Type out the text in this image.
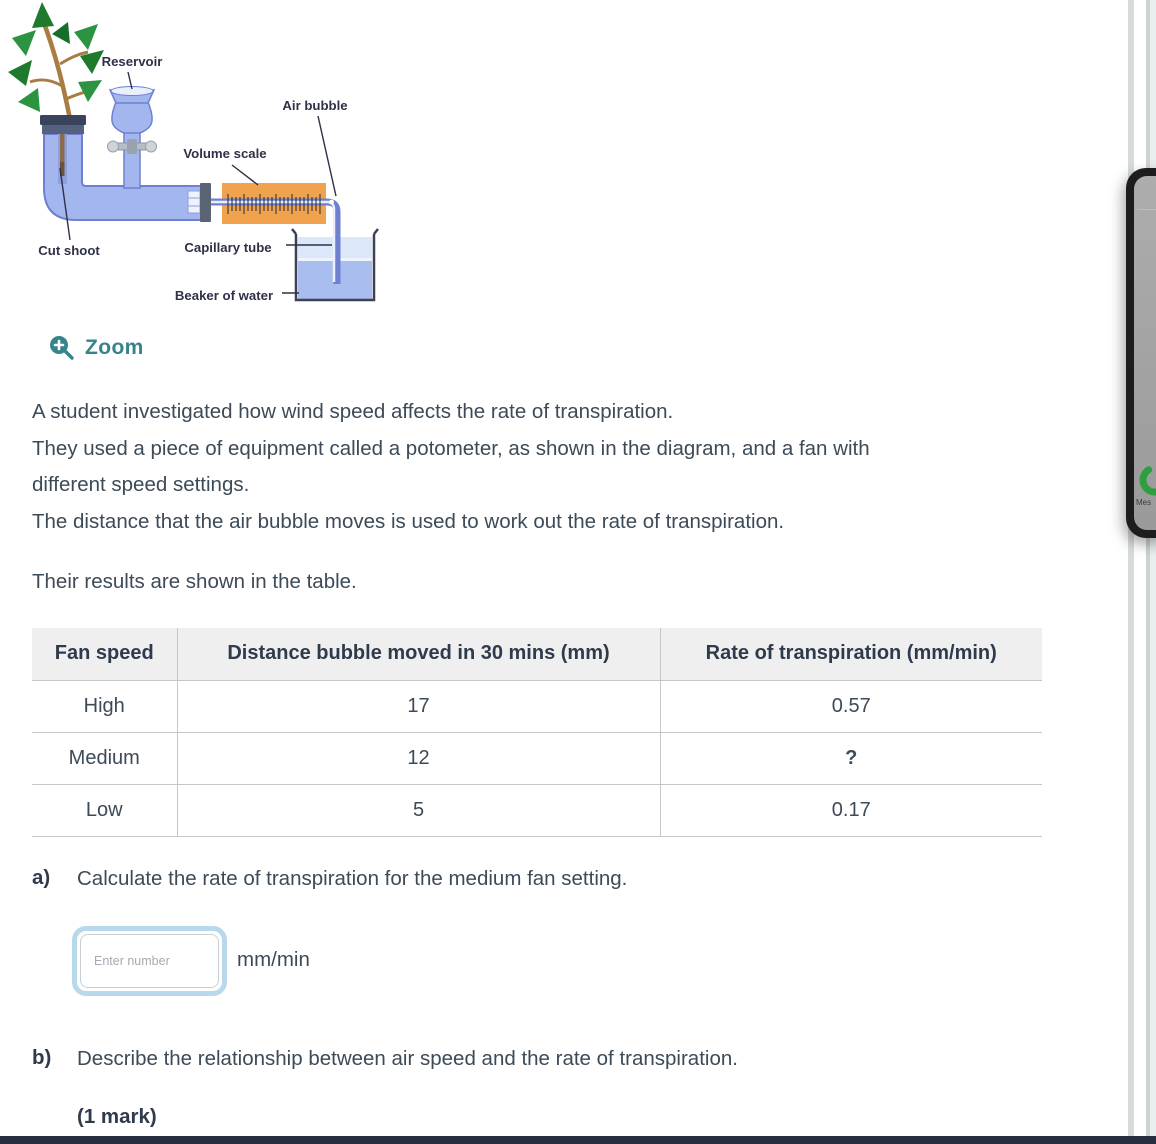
Reservoir
Air bubble
Volume scale
Cut shoot	Capillary tube
Beaker of water
Zoom
A student investigated how wind speed affects the rate of transpiration.
They used a piece of equipment called a potometer, as shown in the diagram, and a fan with
different speed settings.
The distance that the air bubble moves is used to work out the rate of transpiration.
Their results are shown in the table.
Fan speed	Distance bubble moved in 30 mins (mm)	Rate of transpiration (mm/min)
High	17	0.57
Medium	12	?
Low	5	0.17
a) Calculate the rate of transpiration for the medium fan setting.
Enter number
mm/min
b) Describe the relationship between air speed and the rate of transpiration.
(1 mark)
Mes
